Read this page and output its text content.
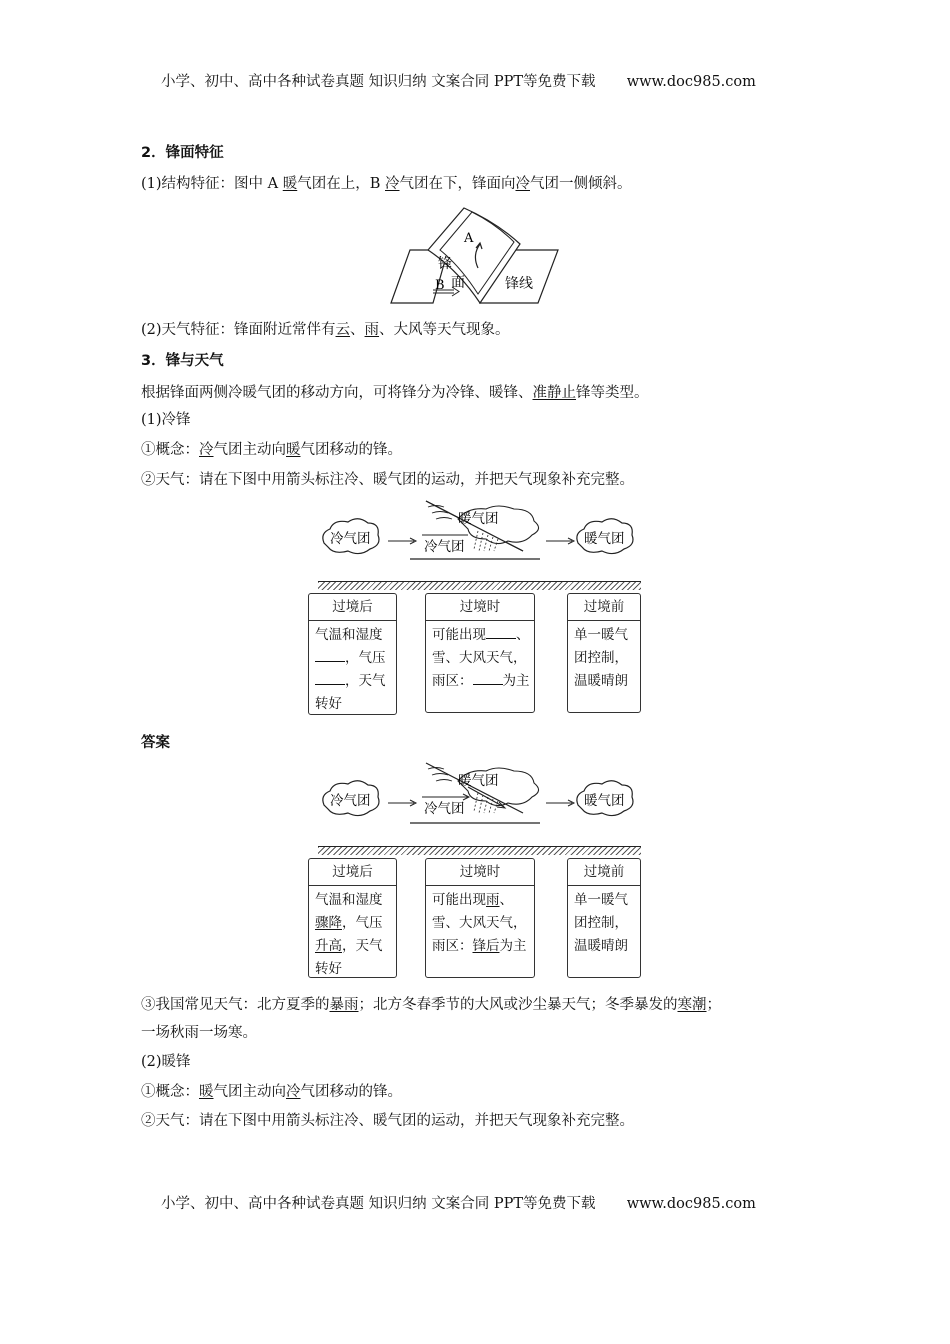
小学、初中、高中各种试卷真题 知识归纳 文案合同 PPT等免费下载 www.doc985.com
2．锋面特征
(1)结构特征：图中 A 暖气团在上，B 冷气团在下，锋面向冷气团一侧倾斜。
A
锋
B 面	锋线
(2)天气特征：锋面附近常伴有云、雨、大风等天气现象。
3．锋与天气
根据锋面两侧冷暖气团的移动方向，可将锋分为冷锋、暖锋、准静止锋等类型。
(1)冷锋
①概念：冷气团主动向暖气团移动的锋。
②天气：请在下图中用箭头标注冷、暖气团的运动，并把天气现象补充完整。
冷气团
暖气团
冷气团	暖气团
过境后
气温和湿度
，气压
，天气
转好
过境时
可能出现 、
雪、大风天气，
雨区： 为主
过境前
单一暖气
团控制，
温暖晴朗
答案
冷气团
暖气团
冷气团	暖气团
过境后
气温和湿度
骤降，气压
升高，天气
转好
过境时
可能出现雨、
雪、大风天气，
雨区：锋后为主
过境前
单一暖气
团控制，
温暖晴朗
③我国常见天气：北方夏季的暴雨；北方冬春季节的大风或沙尘暴天气；冬季暴发的寒潮；
一场秋雨一场寒。
(2)暖锋
①概念：暖气团主动向冷气团移动的锋。
②天气：请在下图中用箭头标注冷、暖气团的运动，并把天气现象补充完整。
小学、初中、高中各种试卷真题 知识归纳 文案合同 PPT等免费下载 www.doc985.com
